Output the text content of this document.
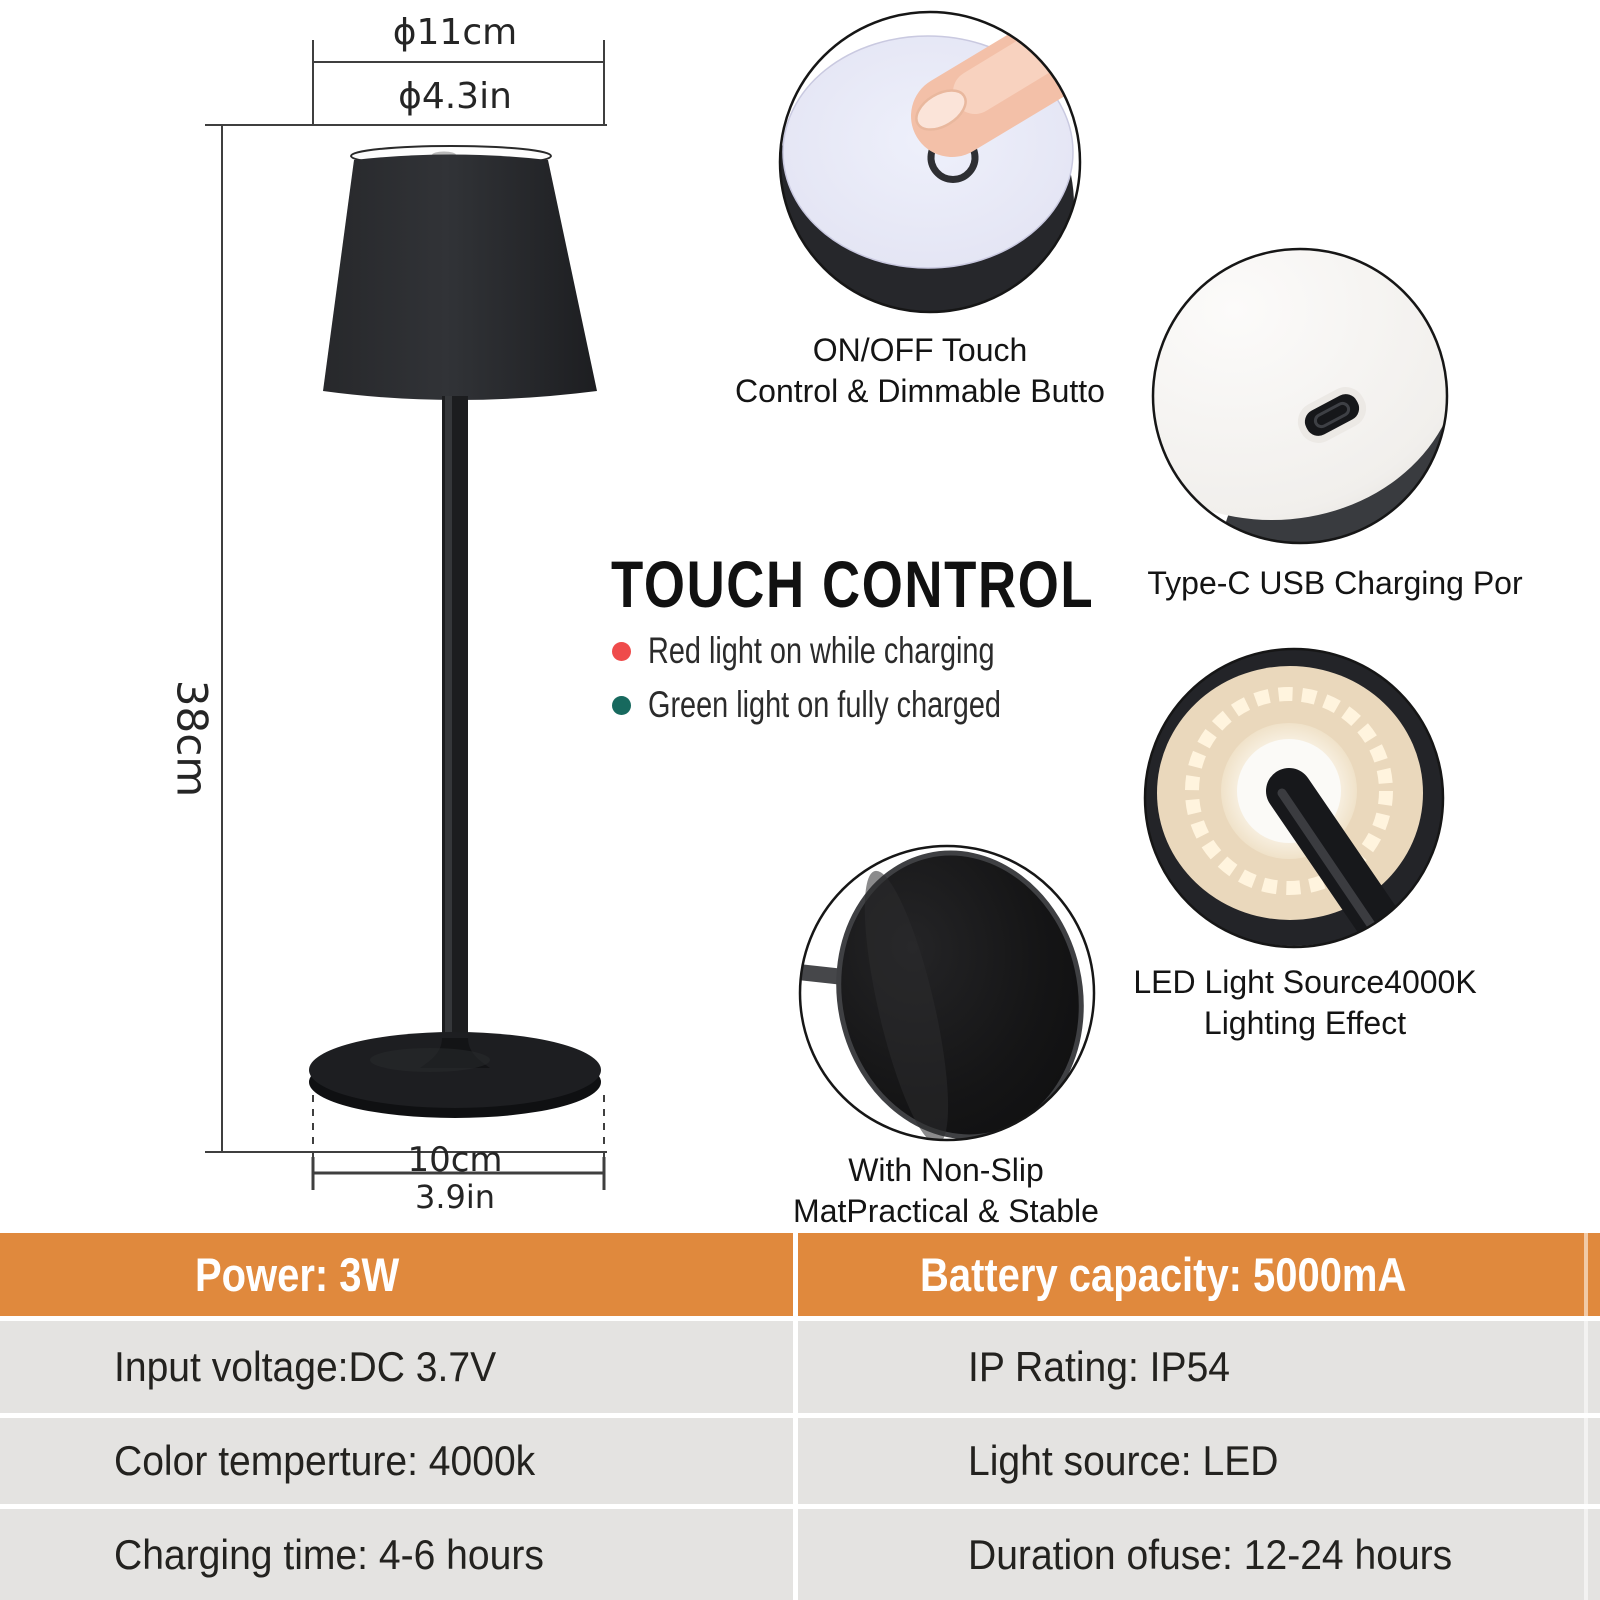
ɸ11cm
ɸ4.3in
38cm
10cm
3.9in
TOUCH CONTROL
Red light on while charging
Green light on fully charged
ON/OFF Touch
Control & Dimmable Butto
Type-C USB Charging Por
LED Light Source4000K
Lighting Effect
With Non-Slip
MatPractical & Stable
Power: 3W	Battery capacity: 5000mA
Input voltage:DC 3.7V	IP Rating: IP54
Color temperture: 4000k	Light source: LED
Charging time: 4-6 hours	Duration ofuse: 12-24 hours
